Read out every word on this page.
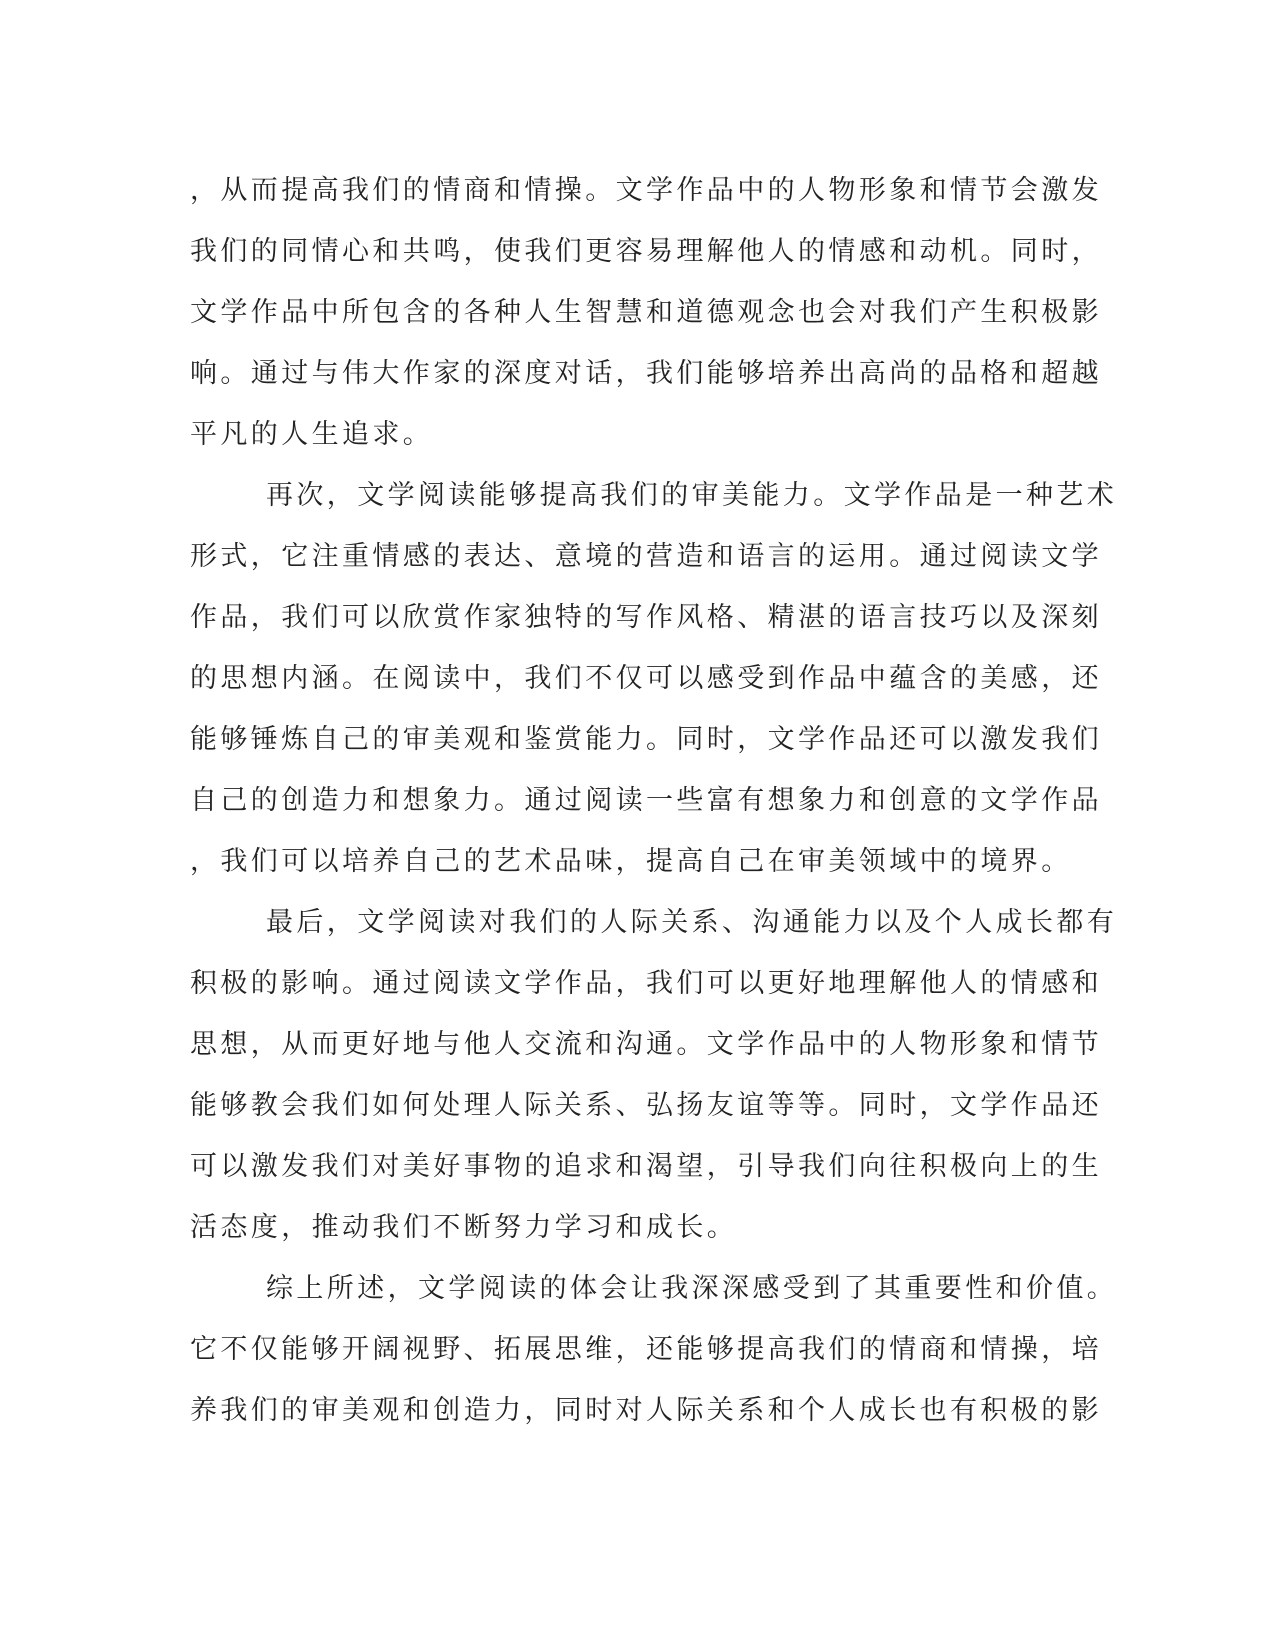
，从而提高我们的情商和情操。文学作品中的人物形象和情节会激发
我们的同情心和共鸣，使我们更容易理解他人的情感和动机。同时，
文学作品中所包含的各种人生智慧和道德观念也会对我们产生积极影
响。通过与伟大作家的深度对话，我们能够培养出高尚的品格和超越
平凡的人生追求。
再次，文学阅读能够提高我们的审美能力。文学作品是一种艺术
形式，它注重情感的表达、意境的营造和语言的运用。通过阅读文学
作品，我们可以欣赏作家独特的写作风格、精湛的语言技巧以及深刻
的思想内涵。在阅读中，我们不仅可以感受到作品中蕴含的美感，还
能够锤炼自己的审美观和鉴赏能力。同时，文学作品还可以激发我们
自己的创造力和想象力。通过阅读一些富有想象力和创意的文学作品
，我们可以培养自己的艺术品味，提高自己在审美领域中的境界。
最后，文学阅读对我们的人际关系、沟通能力以及个人成长都有
积极的影响。通过阅读文学作品，我们可以更好地理解他人的情感和
思想，从而更好地与他人交流和沟通。文学作品中的人物形象和情节
能够教会我们如何处理人际关系、弘扬友谊等等。同时，文学作品还
可以激发我们对美好事物的追求和渴望，引导我们向往积极向上的生
活态度，推动我们不断努力学习和成长。
综上所述，文学阅读的体会让我深深感受到了其重要性和价值。
它不仅能够开阔视野、拓展思维，还能够提高我们的情商和情操，培
养我们的审美观和创造力，同时对人际关系和个人成长也有积极的影
